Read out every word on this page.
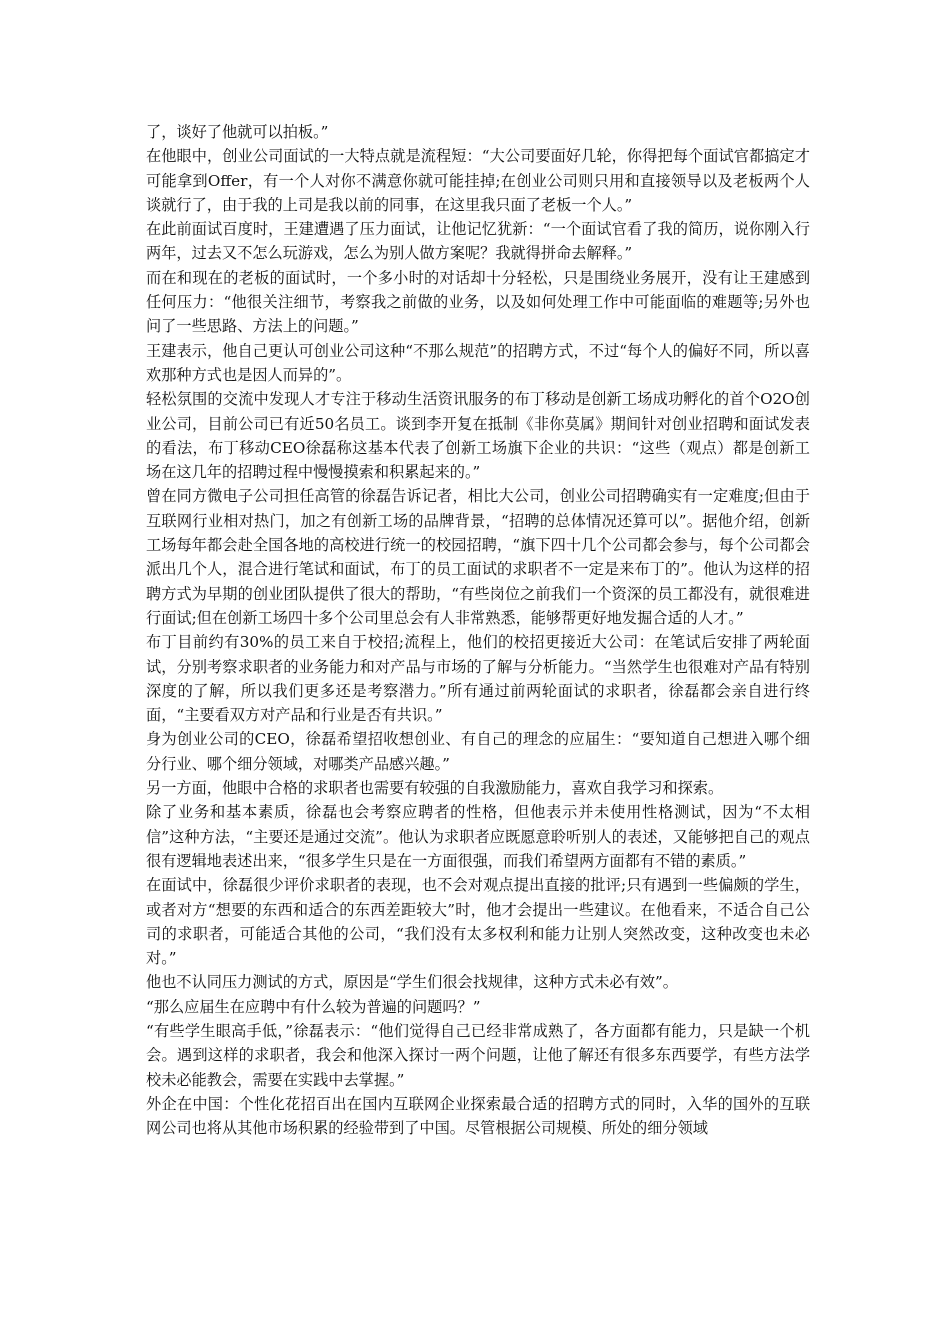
了，谈好了他就可以拍板。”

在他眼中，创业公司面试的一大特点就是流程短：“大公司要面好几轮，你得把每个面试官都搞定才可能拿到Offer，有一个人对你不满意你就可能挂掉;在创业公司则只用和直接领导以及老板两个人谈就行了，由于我的上司是我以前的同事，在这里我只面了老板一个人。”

在此前面试百度时，王建遭遇了压力面试，让他记忆犹新：“一个面试官看了我的简历，说你刚入行两年，过去又不怎么玩游戏，怎么为别人做方案呢？我就得拼命去解释。”

而在和现在的老板的面试时，一个多小时的对话却十分轻松，只是围绕业务展开，没有让王建感到任何压力：“他很关注细节，考察我之前做的业务，以及如何处理工作中可能面临的难题等;另外也问了一些思路、方法上的问题。”

王建表示，他自己更认可创业公司这种“不那么规范”的招聘方式，不过“每个人的偏好不同，所以喜欢那种方式也是因人而异的”。

轻松氛围的交流中发现人才专注于移动生活资讯服务的布丁移动是创新工场成功孵化的首个O2O创业公司，目前公司已有近50名员工。谈到李开复在抵制《非你莫属》期间针对创业招聘和面试发表的看法，布丁移动CEO徐磊称这基本代表了创新工场旗下企业的共识：“这些（观点）都是创新工场在这几年的招聘过程中慢慢摸索和积累起来的。”

曾在同方微电子公司担任高管的徐磊告诉记者，相比大公司，创业公司招聘确实有一定难度;但由于互联网行业相对热门，加之有创新工场的品牌背景，“招聘的总体情况还算可以”。据他介绍，创新工场每年都会赴全国各地的高校进行统一的校园招聘，“旗下四十几个公司都会参与，每个公司都会派出几个人，混合进行笔试和面试，布丁的员工面试的求职者不一定是来布丁的”。他认为这样的招聘方式为早期的创业团队提供了很大的帮助，“有些岗位之前我们一个资深的员工都没有，就很难进行面试;但在创新工场四十多个公司里总会有人非常熟悉，能够帮更好地发掘合适的人才。”

布丁目前约有30%的员工来自于校招;流程上，他们的校招更接近大公司：在笔试后安排了两轮面试，分别考察求职者的业务能力和对产品与市场的了解与分析能力。“当然学生也很难对产品有特别深度的了解，所以我们更多还是考察潜力。”所有通过前两轮面试的求职者，徐磊都会亲自进行终面，“主要看双方对产品和行业是否有共识。”

身为创业公司的CEO，徐磊希望招收想创业、有自己的理念的应届生：“要知道自己想进入哪个细分行业、哪个细分领域，对哪类产品感兴趣。”

另一方面，他眼中合格的求职者也需要有较强的自我激励能力，喜欢自我学习和探索。

除了业务和基本素质，徐磊也会考察应聘者的性格，但他表示并未使用性格测试，因为“不太相信”这种方法，“主要还是通过交流”。他认为求职者应既愿意聆听别人的表述，又能够把自己的观点很有逻辑地表述出来，“很多学生只是在一方面很强，而我们希望两方面都有不错的素质。”

在面试中，徐磊很少评价求职者的表现，也不会对观点提出直接的批评;只有遇到一些偏颇的学生，或者对方“想要的东西和适合的东西差距较大”时，他才会提出一些建议。在他看来，不适合自己公司的求职者，可能适合其他的公司，“我们没有太多权利和能力让别人突然改变，这种改变也未必对。”

他也不认同压力测试的方式，原因是“学生们很会找规律，这种方式未必有效”。

“那么应届生在应聘中有什么较为普遍的问题吗？”

“有些学生眼高手低，”徐磊表示：“他们觉得自己已经非常成熟了，各方面都有能力，只是缺一个机会。遇到这样的求职者，我会和他深入探讨一两个问题，让他了解还有很多东西要学，有些方法学校未必能教会，需要在实践中去掌握。”

外企在中国：个性化花招百出在国内互联网企业探索最合适的招聘方式的同时，入华的国外的互联网公司也将从其他市场积累的经验带到了中国。尽管根据公司规模、所处的细分领域
